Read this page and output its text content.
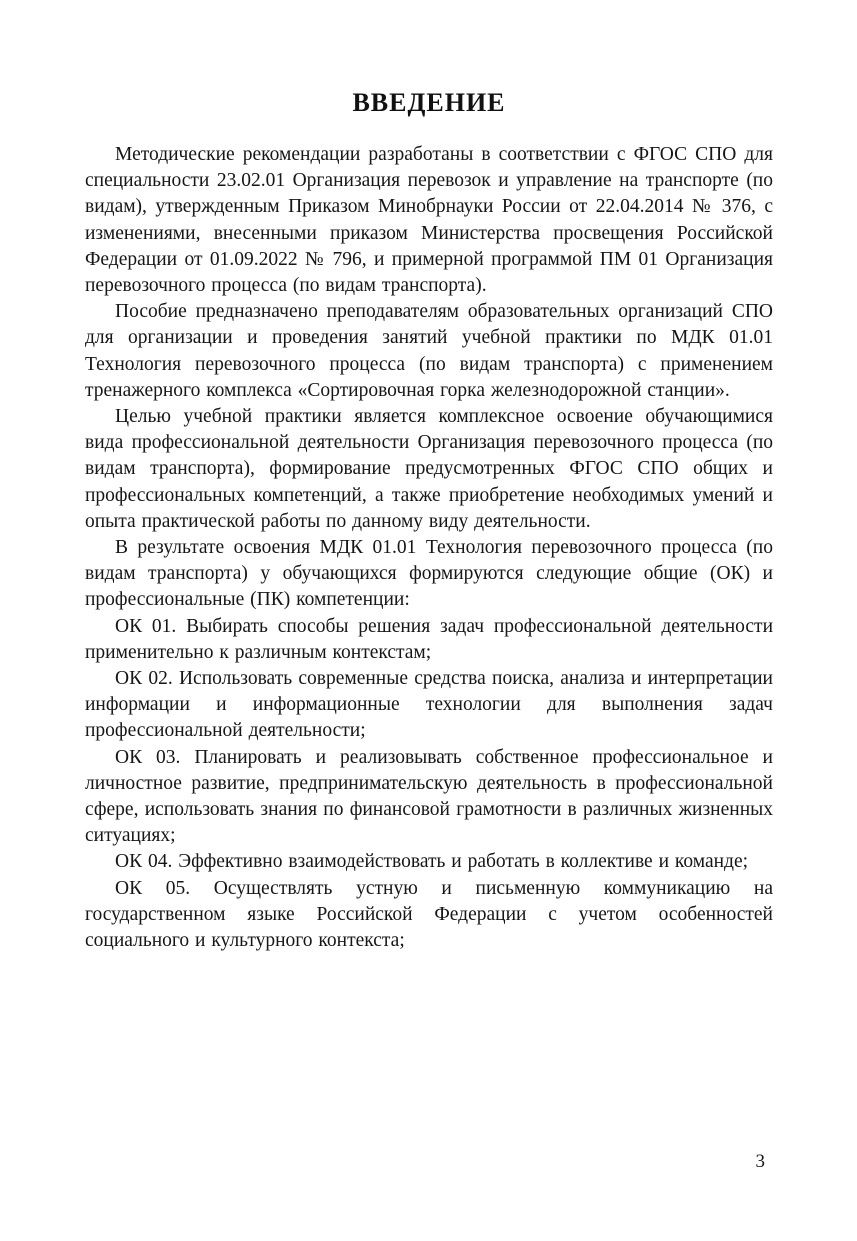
ВВЕДЕНИЕ

Методические рекомендации разработаны в соответствии с ФГОС СПО для специальности 23.02.01 Организация перевозок и управление на транспорте (по видам), утвержденным Приказом Минобрнауки России от 22.04.2014 № 376, с изменениями, внесенными приказом Министерства просвещения Российской Федерации от 01.09.2022 № 796, и примерной программой ПМ 01 Организация перевозочного процесса (по видам транспорта).

Пособие предназначено преподавателям образовательных организаций СПО для организации и проведения занятий учебной практики по МДК 01.01 Технология перевозочного процесса (по видам транспорта) с применением тренажерного комплекса «Сортировочная горка железнодорожной станции».

Целью учебной практики является комплексное освоение обучающимися вида профессиональной деятельности Организация перевозочного процесса (по видам транспорта), формирование предусмотренных ФГОС СПО общих и профессиональных компетенций, а также приобретение необходимых умений и опыта практической работы по данному виду деятельности.

В результате освоения МДК 01.01 Технология перевозочного процесса (по видам транспорта) у обучающихся формируются следующие общие (ОК) и профессиональные (ПК) компетенции:

ОК 01. Выбирать способы решения задач профессиональной деятельности применительно к различным контекстам;

ОК 02. Использовать современные средства поиска, анализа и интерпретации информации и информационные технологии для выполнения задач профессиональной деятельности;

ОК 03. Планировать и реализовывать собственное профессиональное и личностное развитие, предпринимательскую деятельность в профессиональной сфере, использовать знания по финансовой грамотности в различных жизненных ситуациях;

ОК 04. Эффективно взаимодействовать и работать в коллективе и команде;

ОК 05. Осуществлять устную и письменную коммуникацию на государственном языке Российской Федерации с учетом особенностей социального и культурного контекста;

3
